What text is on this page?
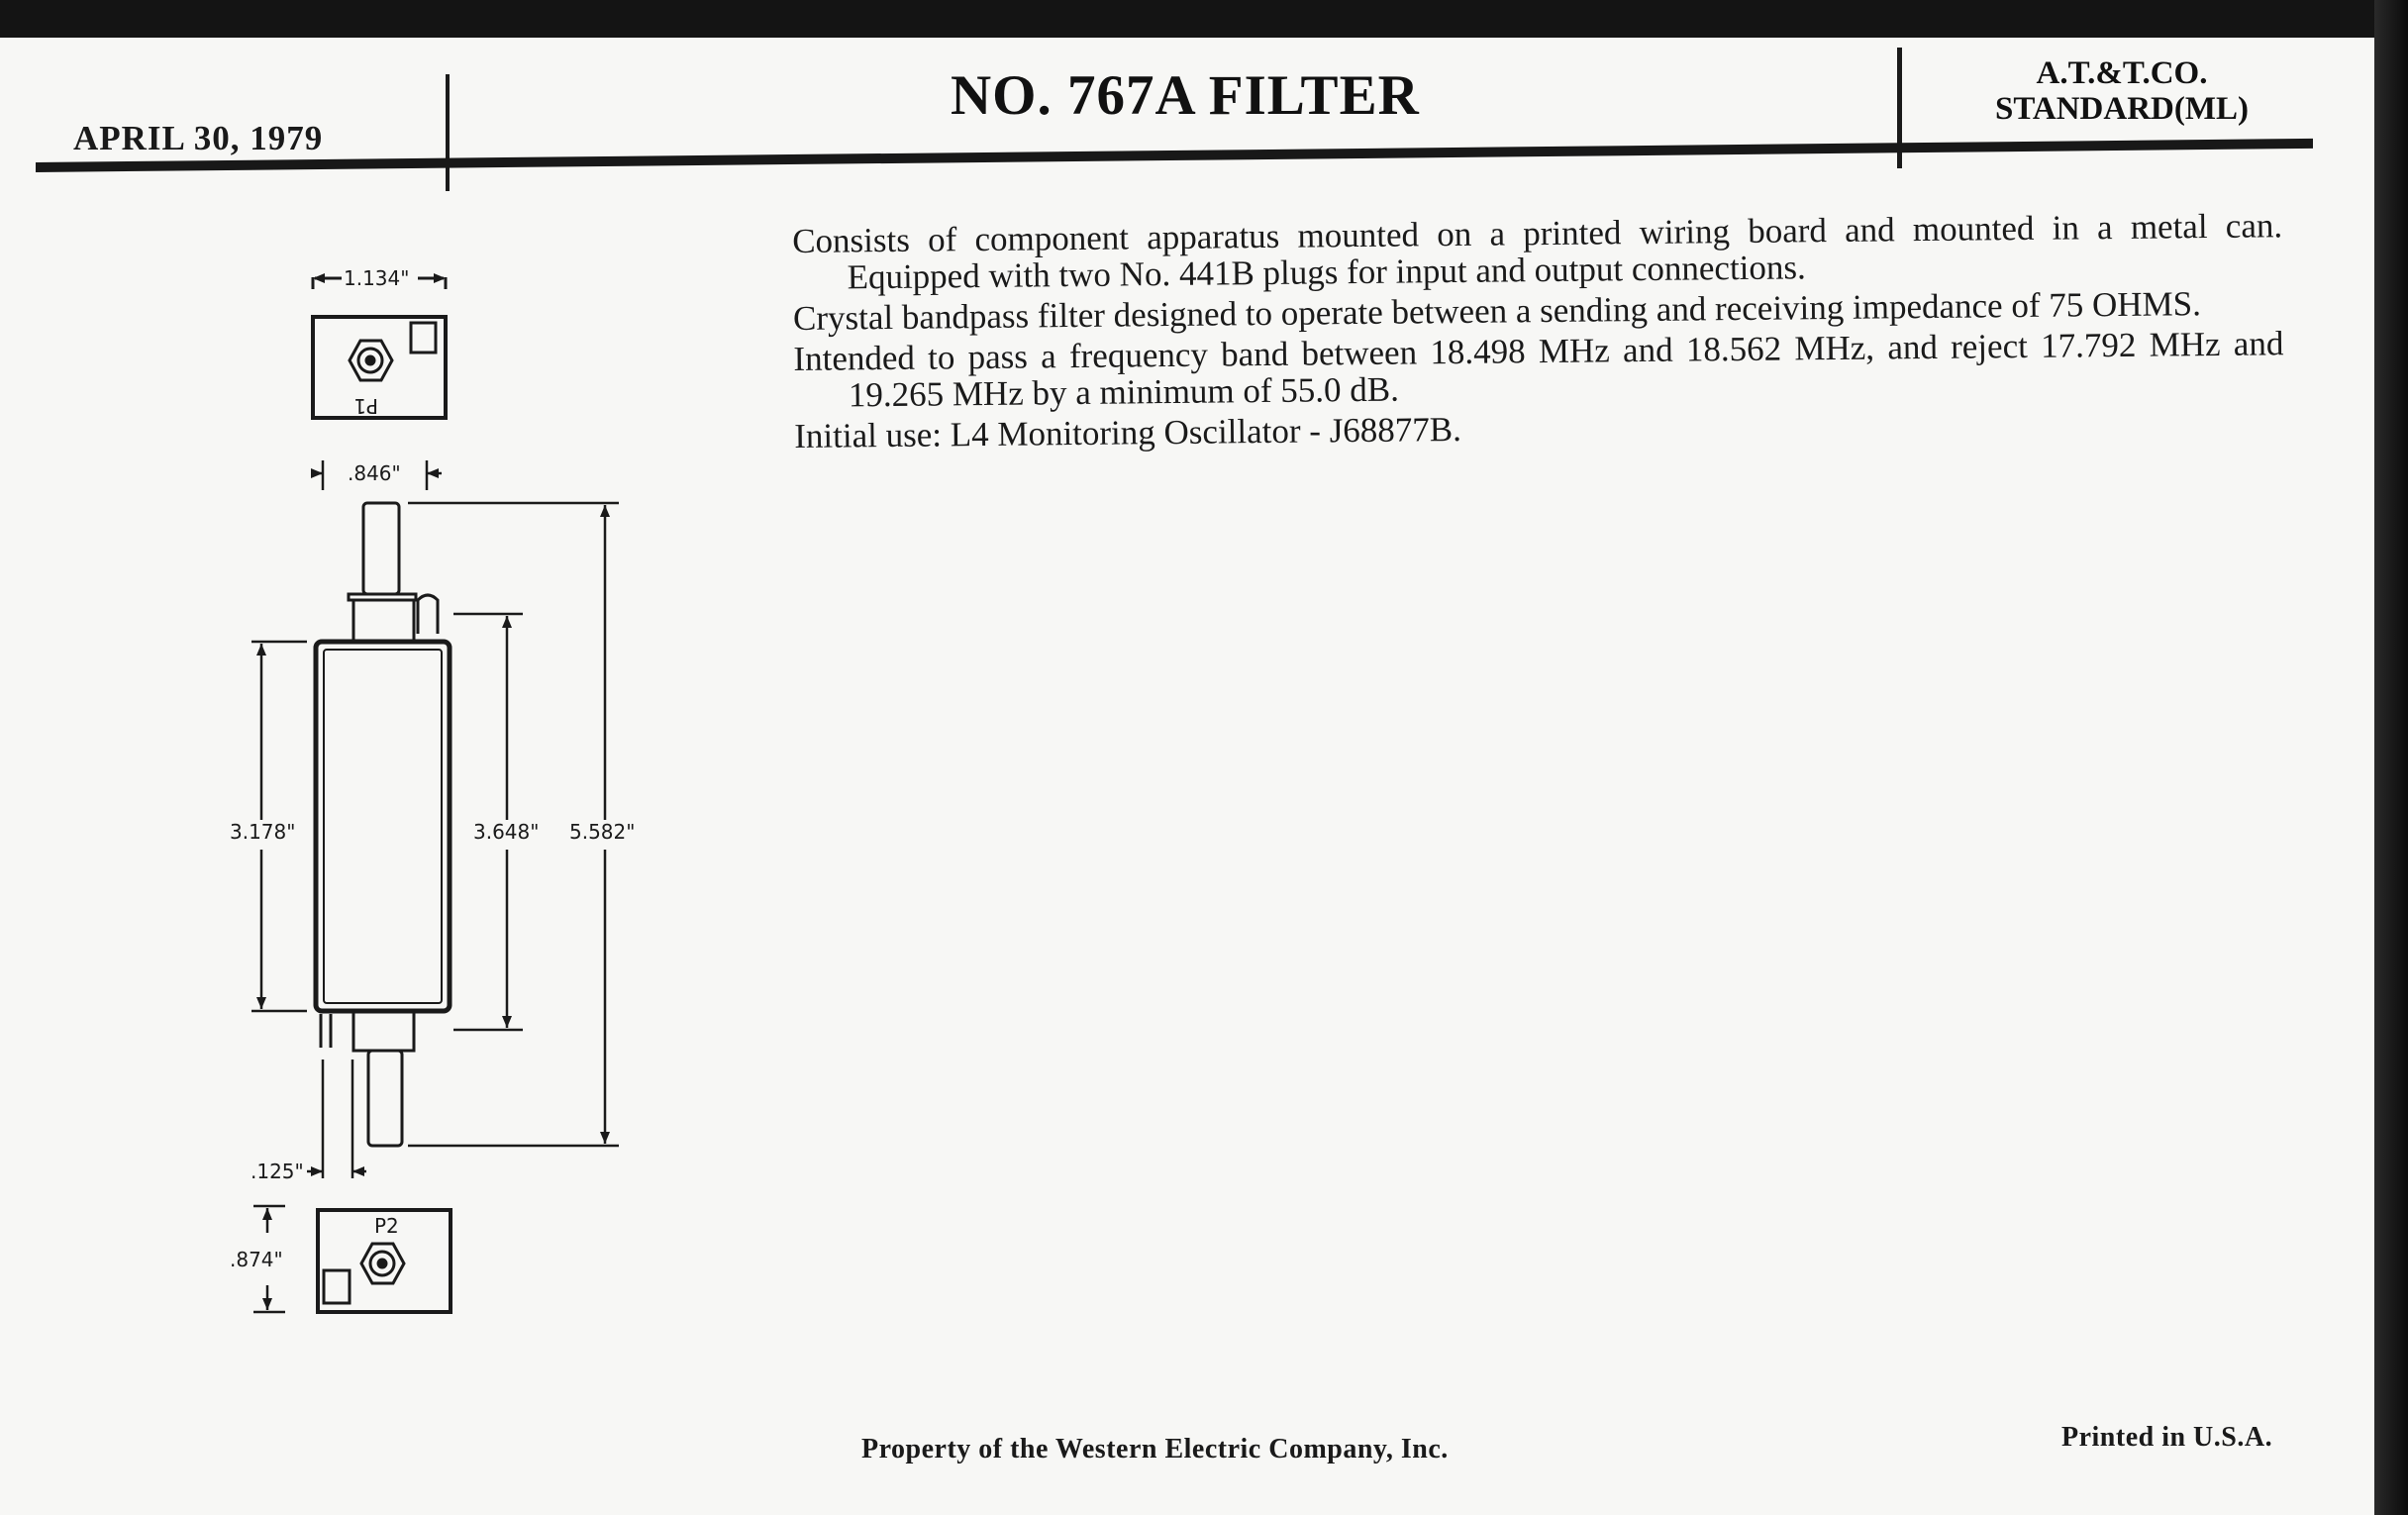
APRIL 30, 1979
NO. 767A FILTER	A.T.&T.CO.
STANDARD(ML)
Consists of component apparatus mounted on a printed wiring board and mounted in a metal can. Equipped with two No. 441B plugs for input and output connections.
Crystal bandpass filter designed to operate between a sending and receiving impedance of 75 OHMS.
Intended to pass a frequency band between 18.498 MHz and 18.562 MHz, and reject 17.792 MHz and 19.265 MHz by a minimum of 55.0 dB.
Initial use: L4 Monitoring Oscillator - J68877B.
1.134"
P1
.846"
3.178"	3.648" 5.582"
.125"
.874"
P2
Property of the Western Electric Company, Inc.	Printed in U.S.A.
